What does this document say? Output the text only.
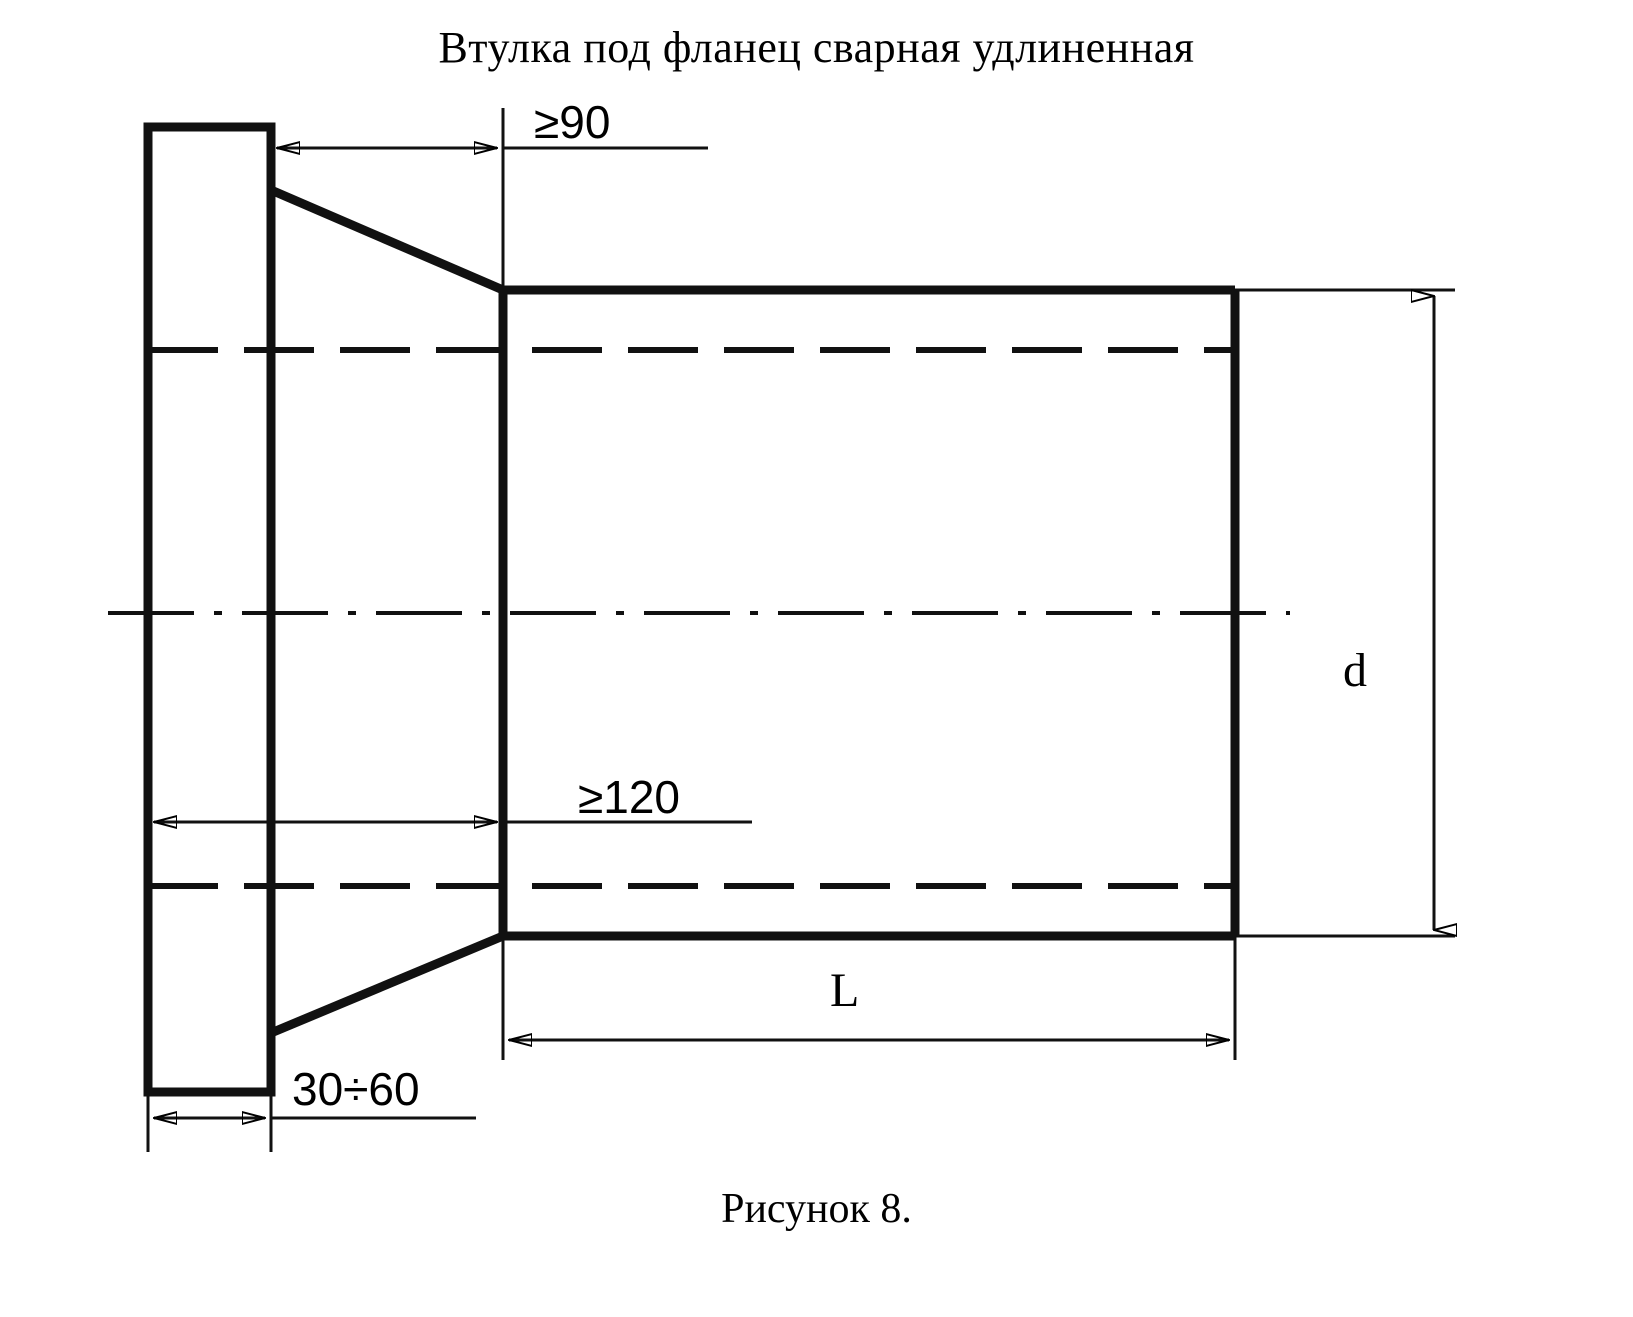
Втулка под фланец сварная удлиненная
≥90
≥120
30÷60
d
L
Рисунок 8.
